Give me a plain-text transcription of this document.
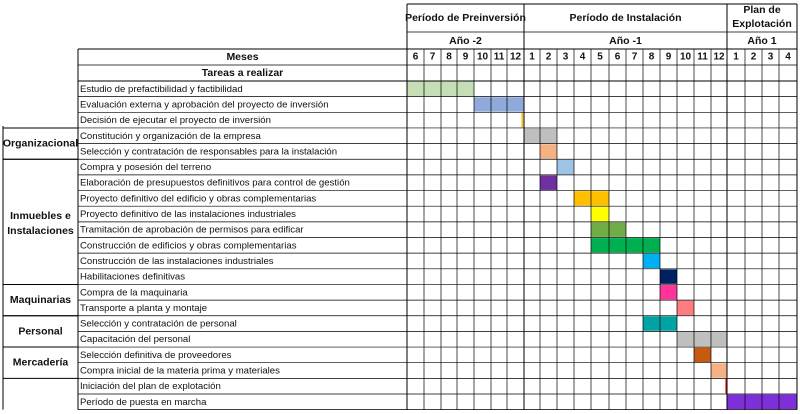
Período de Preinversión	Período de Instalación
Plan de Explotación
Año -2
6 7 8 9 10 11 12
Año -1
1 2 3 4 5 6 7 8 9 10 11 12
Año 1
1 2 3 4
Meses
Tareas a realizar
Estudio de prefactibilidad y factibilidad
Evaluación externa y aprobación del proyecto de inversión
Decisión de ejecutar el proyecto de inversión
Constitución y organización de la empresa
Selección y contratación de responsables para la instalación
Compra y posesión del terreno
Elaboración de presupuestos definitivos para control de gestión
Proyecto definitivo del edificio y obras complementarias
Proyecto definitivo de las instalaciones industriales
Tramitación de aprobación de permisos para edificar
Construcción de edificios y obras complementarias
Construcción de las instalaciones industriales
Habilitaciones definitivas
Compra de la maquinaria
Transporte a planta y montaje
Selección y contratación de personal
Capacitación del personal
Selección definitiva de proveedores
Compra inicial de la materia prima y materiales
Iniciación del plan de explotación
Período de puesta en marcha
Organizacional
Inmuebles e Instalaciones
Maquinarias
Personal
Mercadería
